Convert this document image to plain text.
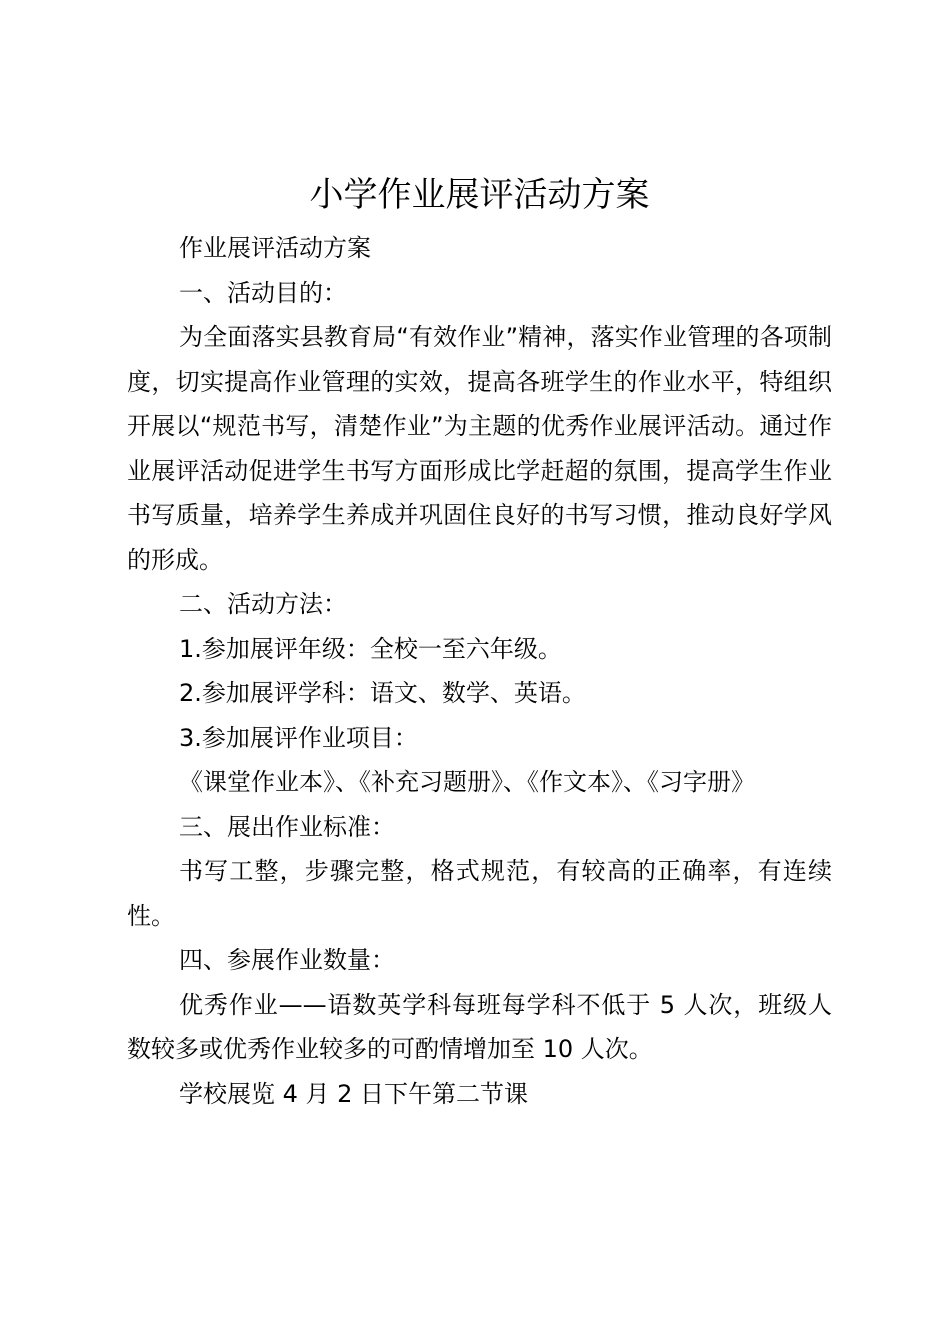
小学作业展评活动方案

作业展评活动方案

一、活动目的：

为全面落实县教育局“有效作业”精神，落实作业管理的各项制度，切实提高作业管理的实效，提高各班学生的作业水平，特组织开展以“规范书写，清楚作业”为主题的优秀作业展评活动。通过作业展评活动促进学生书写方面形成比学赶超的氛围，提高学生作业书写质量，培养学生养成并巩固住良好的书写习惯，推动良好学风的形成。

二、活动方法：

1.参加展评年级：全校一至六年级。

2.参加展评学科：语文、数学、英语。

3.参加展评作业项目：

《课堂作业本》、《补充习题册》、《作文本》、《习字册》

三、展出作业标准：

书写工整，步骤完整，格式规范，有较高的正确率，有连续性。

四、参展作业数量：

优秀作业——语数英学科每班每学科不低于 5 人次，班级人数较多或优秀作业较多的可酌情增加至 10 人次。

学校展览 4 月 2 日下午第二节课
